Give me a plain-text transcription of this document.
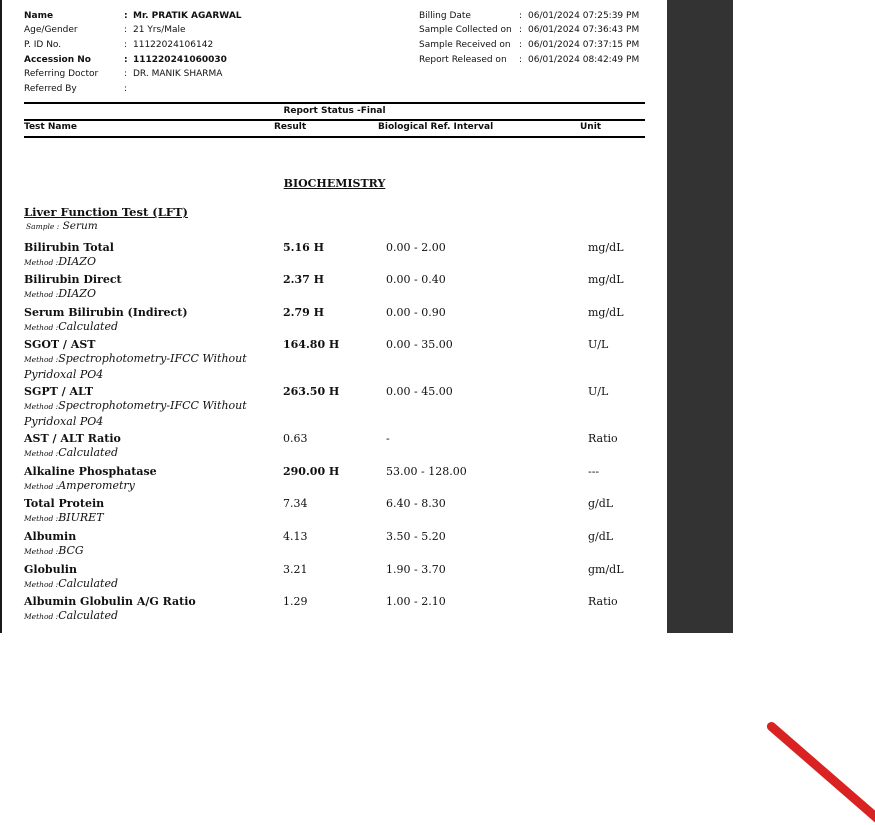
Name	: Mr. PRATIK AGARWAL
Age/Gender	: 21 Yrs/Male
P. ID No.	: 11122024106142
Accession No	: 111220241060030
Referring Doctor	: DR. MANIK SHARMA
Referred By	:
Billing Date	: 06/01/2024 07:25:39 PM
Sample Collected on : 06/01/2024 07:36:43 PM
Sample Received on : 06/01/2024 07:37:15 PM
Report Released on : 06/01/2024 08:42:49 PM
Report Status -Final
Test Name	Result	Biological Ref. Interval	Unit
BIOCHEMISTRY
Liver Function Test (LFT)
Sample : Serum
Bilirubin Total	5.16 H	0.00 - 2.00	mg/dL
Method :DIAZO
Bilirubin Direct	2.37 H	0.00 - 0.40	mg/dL
Method :DIAZO
Serum Bilirubin (Indirect)	2.79 H	0.00 - 0.90	mg/dL
Method :Calculated
SGOT / AST	164.80 H	0.00 - 35.00	U/L
Method :Spectrophotometry-IFCC Without Pyridoxal PO4
SGPT / ALT	263.50 H	0.00 - 45.00	U/L
Method :Spectrophotometry-IFCC Without Pyridoxal PO4
AST / ALT Ratio	0.63	-	Ratio
Method :Calculated
Alkaline Phosphatase	290.00 H	53.00 - 128.00	---
Method :Amperometry
Total Protein	7.34	6.40 - 8.30	g/dL
Method :BIURET
Albumin	4.13	3.50 - 5.20	g/dL
Method :BCG
Globulin	3.21	1.90 - 3.70	gm/dL
Method :Calculated
Albumin Globulin A/G Ratio	1.29	1.00 - 2.10	Ratio
Method :Calculated
